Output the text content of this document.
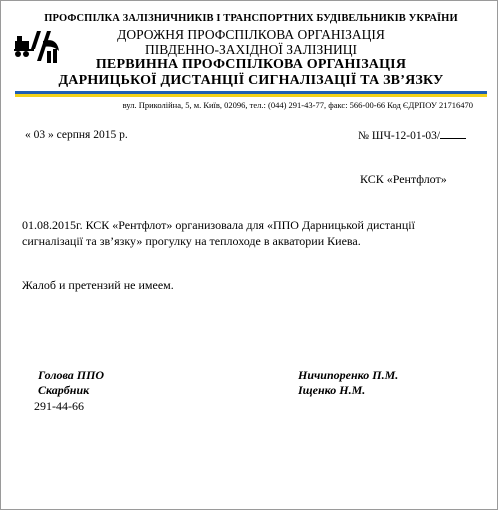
ПРОФСПІЛКА ЗАЛІЗНИЧНИКІВ І ТРАНСПОРТНИХ БУДІВЕЛЬНИКІВ УКРАЇНИ
ДОРОЖНЯ ПРОФСПІЛКОВА ОРГАНІЗАЦІЯ
ПІВДЕННО-ЗАХІДНОЇ ЗАЛІЗНИЦІ
ПЕРВИННА ПРОФСПІЛКОВА ОРГАНІЗАЦІЯ
ДАРНИЦЬКОЇ ДИСТАНЦІЇ СИГНАЛІЗАЦІЇ ТА ЗВ’ЯЗКУ
вул. Приколійна, 5, м. Київ, 02096, тел.: (044) 291-43-77, факс: 566-00-66 Код ЄДРПОУ 21716470
« 03 » серпня 2015 р.	№ ШЧ-12-01-03/
КСК «Рентфлот»
01.08.2015г. КСК «Рентфлот» организовала для «ППО Дарницькой дистанції
сигналізації та зв’язку» прогулку на теплоходе в акватории Киева.
Жалоб и претензий не имеем.
Голова ППО
Скарбник
291-44-66
Ничипоренко П.М.
Іщенко Н.М.
